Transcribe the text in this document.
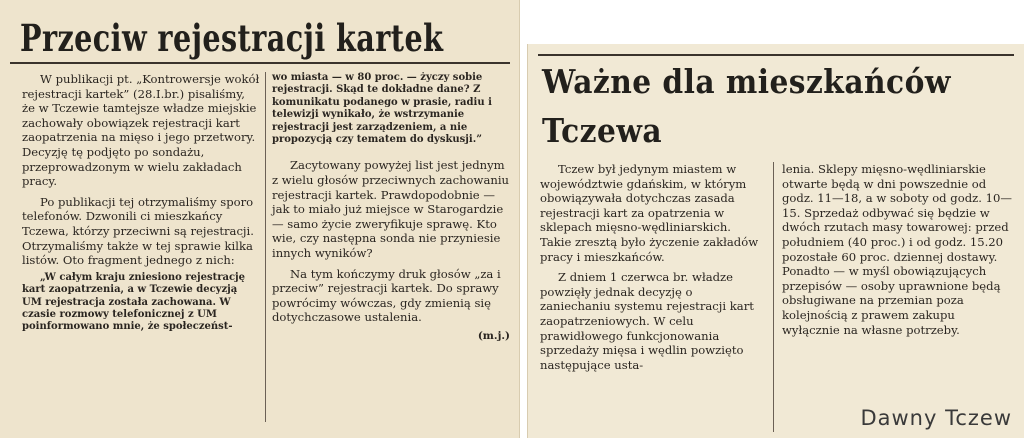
Przeciw rejestracji kartek

W publikacji pt. „Kontrowersje wokół rejestracji kartek” (28.I.br.) pisaliśmy, że w Tczewie tamtejsze władze miejskie zachowały obowiązek rejestracji kart zaopatrzenia na mięso i jego przetwory. Decyzję tę podjęto po sondażu, przeprowadzonym w wielu zakładach pracy.

Po publikacji tej otrzymaliśmy sporo telefonów. Dzwonili ci mieszkańcy Tczewa, którzy przeciwni są rejestracji. Otrzymaliśmy także w tej sprawie kilka listów. Oto fragment jednego z nich:

„W całym kraju zniesiono rejestrację kart zaopatrzenia, a w Tczewie decyzją UM rejestracja została zachowana. W czasie rozmowy telefonicznej z UM poinformowano mnie, że społeczeńst-

wo miasta — w 80 proc. — życzy sobie rejestracji. Skąd te dokładne dane? Z komunikatu podanego w prasie, radiu i telewizji wynikało, że wstrzymanie rejestracji jest zarządzeniem, a nie propozycją czy tematem do dyskusji.”

Zacytowany powyżej list jest jednym z wielu głosów przeciwnych zachowaniu rejestracji kartek. Prawdopodobnie — jak to miało już miejsce w Starogardzie — samo życie zweryfikuje sprawę. Kto wie, czy następna sonda nie przyniesie innych wyników?

Na tym kończymy druk głosów „za i przeciw” rejestracji kartek. Do sprawy powrócimy wówczas, gdy zmienią się dotychczasowe ustalenia.

(m.j.)

Ważne dla mieszkańców
Tczewa

Tczew był jedynym miastem w województwie gdańskim, w którym obowiązywała dotychczas zasada rejestracji kart za opatrzenia w sklepach mięsno-wędliniarskich. Takie zresztą było życzenie zakładów pracy i mieszkańców.

Z dniem 1 czerwca br. władze powzięły jednak decyzję o zaniechaniu systemu rejestracji kart zaopatrzeniowych. W celu prawidłowego funkcjonowania sprzedaży mięsa i wędlin powzięto następujące usta-

lenia. Sklepy mięsno-wędliniarskie otwarte będą w dni powszednie od godz. 11—18, a w soboty od godz. 10—15. Sprzedaż odbywać się będzie w dwóch rzutach masy towarowej: przed południem (40 proc.) i od godz. 15.20 pozostałe 60 proc. dziennej dostawy. Ponadto — w myśl obowiązujących przepisów — osoby uprawnione będą obsługiwane na przemian poza kolejnością z prawem zakupu wyłącznie na własne potrzeby.

Dawny Tczew
